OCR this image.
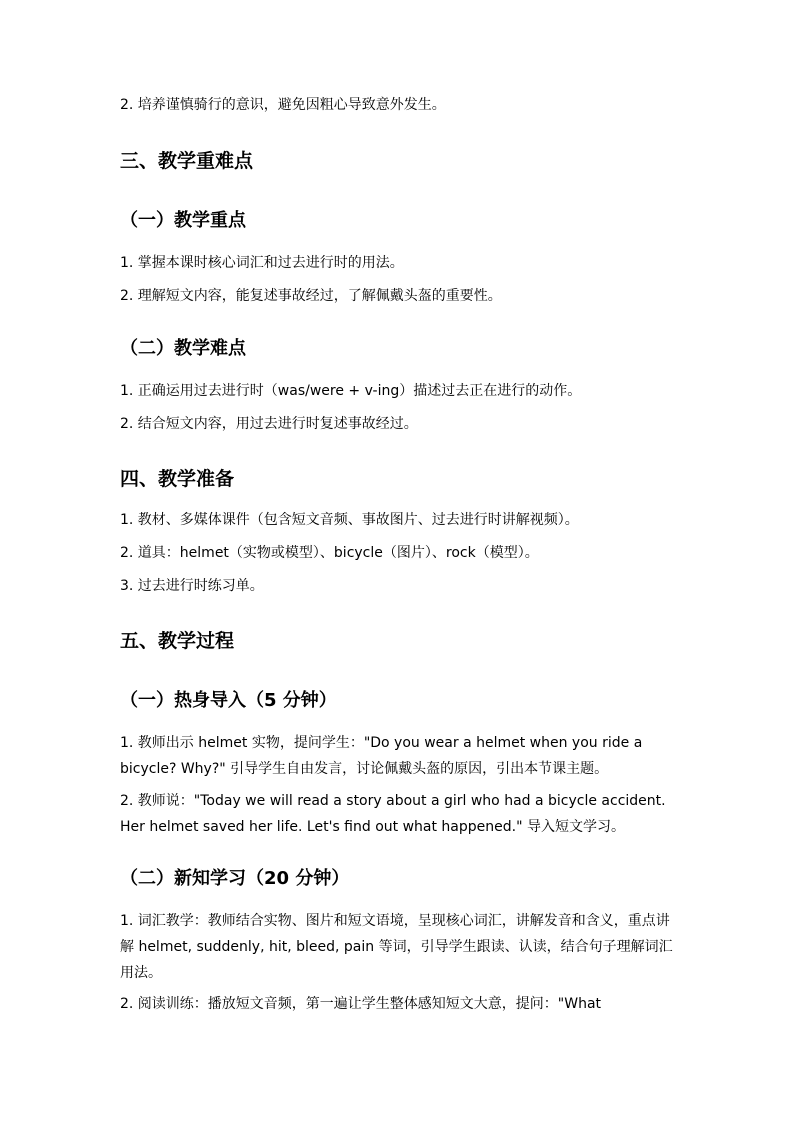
2. 培养谨慎骑行的意识，避免因粗心导致意外发生。

三、教学重难点
（一）教学重点

1. 掌握本课时核心词汇和过去进行时的用法。

2. 理解短文内容，能复述事故经过，了解佩戴头盔的重要性。

（二）教学难点

1. 正确运用过去进行时（was/were + v-ing）描述过去正在进行的动作。

2. 结合短文内容，用过去进行时复述事故经过。

四、教学准备

1. 教材、多媒体课件（包含短文音频、事故图片、过去进行时讲解视频）。

2. 道具：helmet（实物或模型）、bicycle（图片）、rock（模型）。

3. 过去进行时练习单。

五、教学过程
（一）热身导入（5 分钟）

1. 教师出示 helmet 实物，提问学生："Do you wear a helmet when you ride a bicycle? Why?" 引导学生自由发言，讨论佩戴头盔的原因，引出本节课主题。

2. 教师说："Today we will read a story about a girl who had a bicycle accident. Her helmet saved her life. Let's find out what happened." 导入短文学习。

（二）新知学习（20 分钟）

1. 词汇教学：教师结合实物、图片和短文语境，呈现核心词汇，讲解发音和含义，重点讲解 helmet, suddenly, hit, bleed, pain 等词，引导学生跟读、认读，结合句子理解词汇用法。

2. 阅读训练：播放短文音频，第一遍让学生整体感知短文大意，提问："What
